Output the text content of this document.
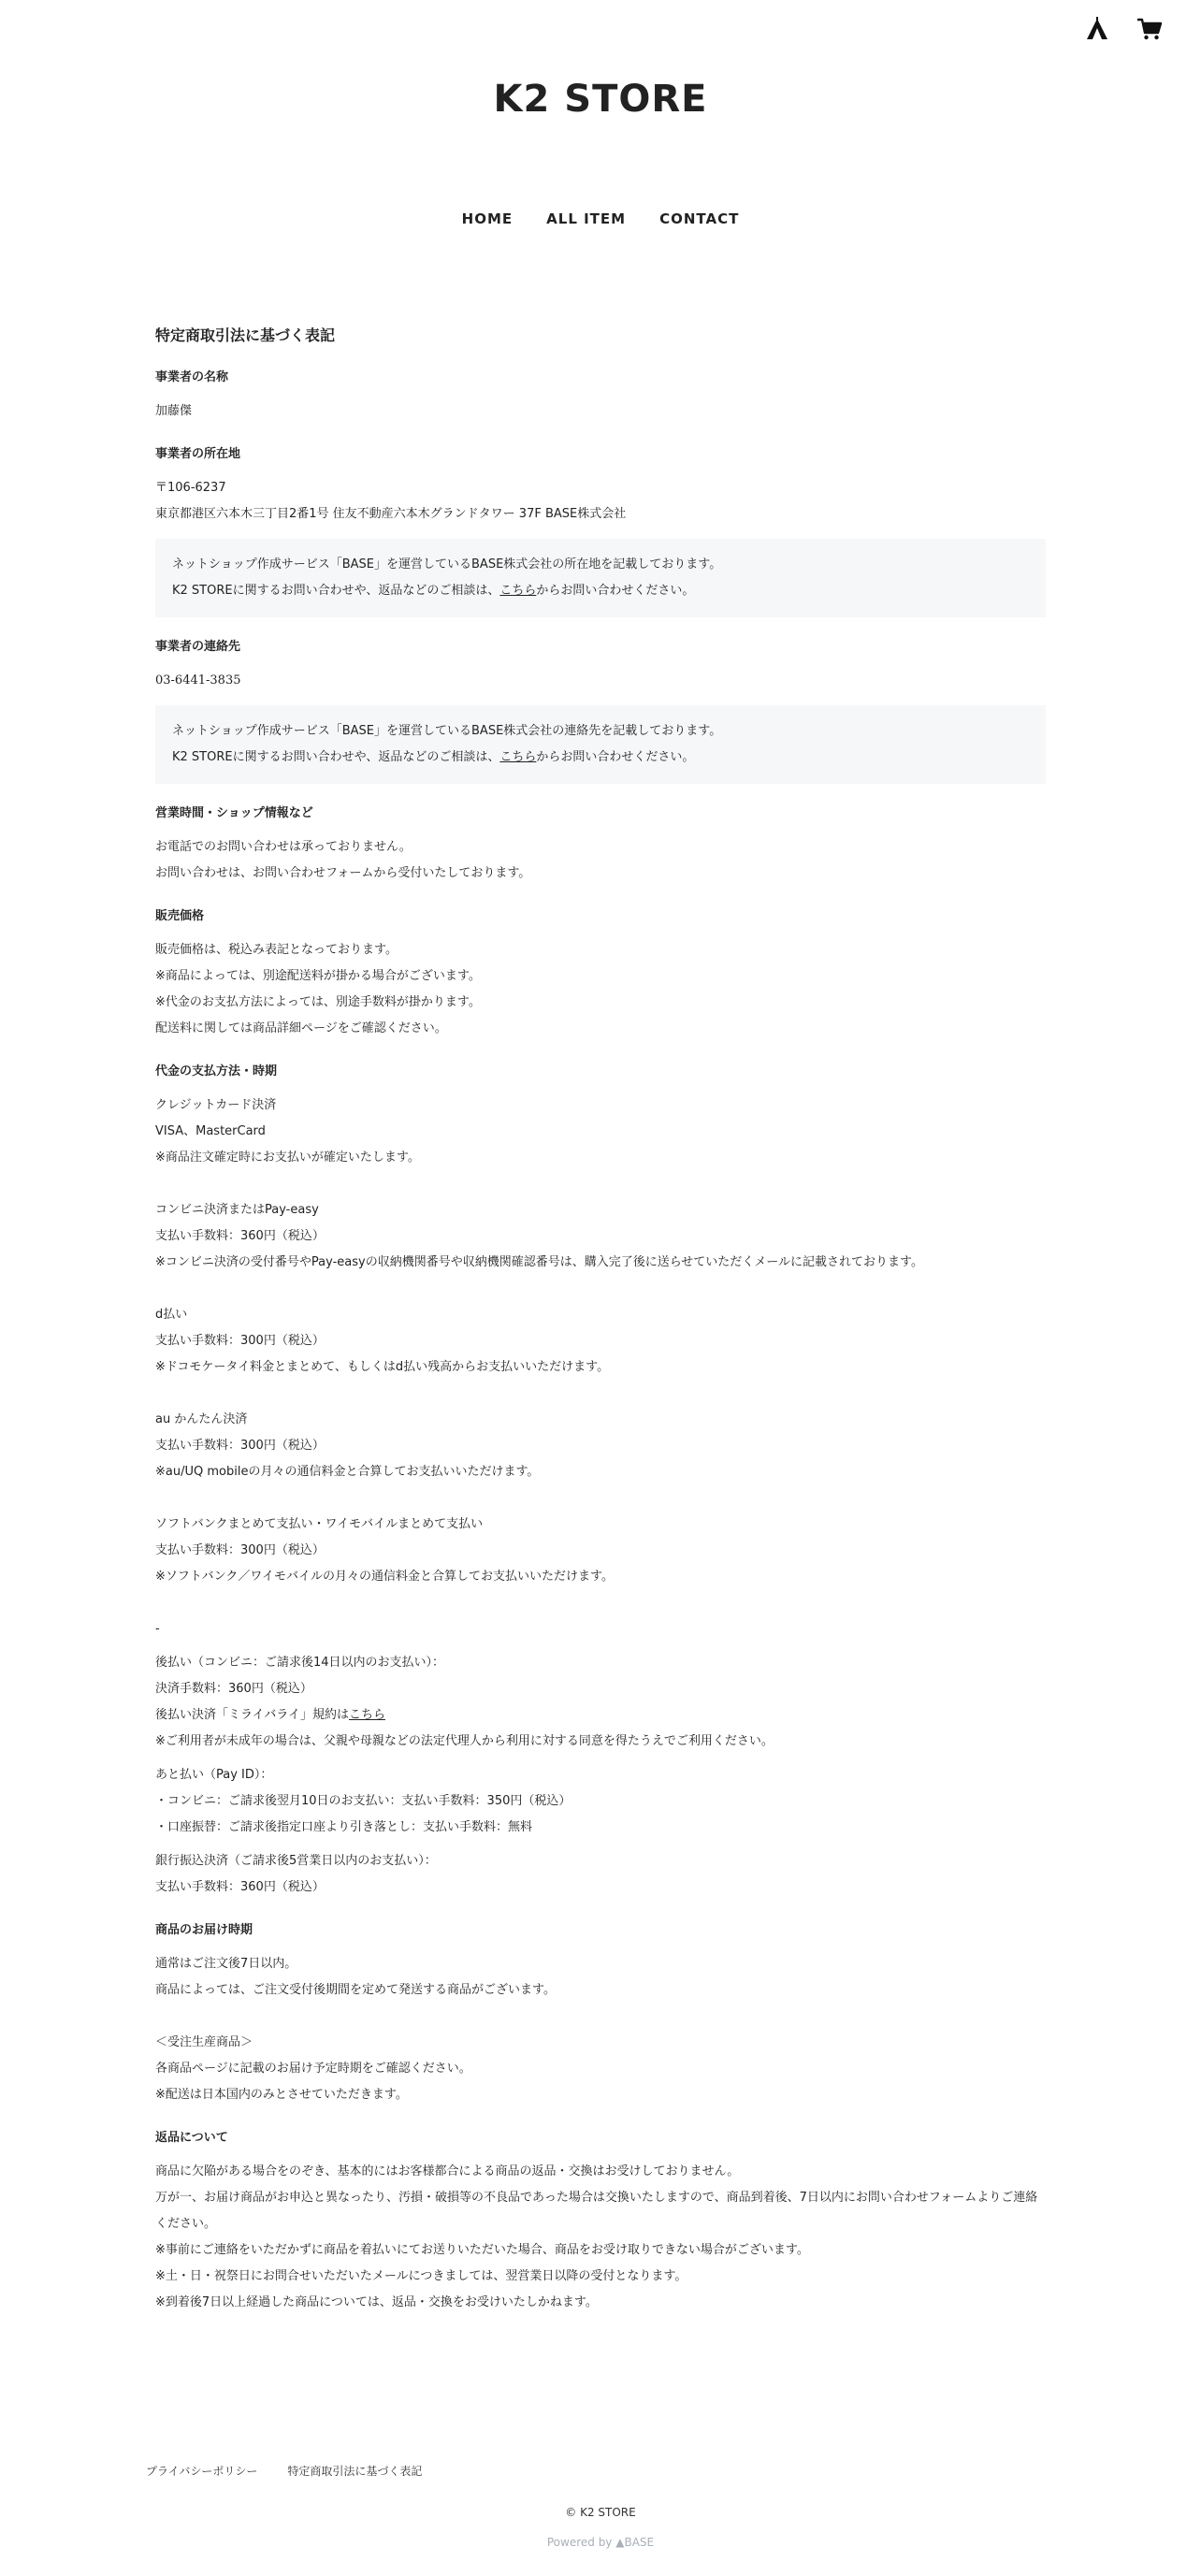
K2 STORE
HOME ALL ITEM CONTACT
特定商取引法に基づく表記
事業者の名称
加藤傑
事業者の所在地
〒106-6237
東京都港区六本木三丁目2番1号 住友不動産六本木グランドタワー 37F BASE株式会社
ネットショップ作成サービス「BASE」を運営しているBASE株式会社の所在地を記載しております。
K2 STOREに関するお問い合わせや、返品などのご相談は、こちらからお問い合わせください。
事業者の連絡先
03-6441-3835
ネットショップ作成サービス「BASE」を運営しているBASE株式会社の連絡先を記載しております。
K2 STOREに関するお問い合わせや、返品などのご相談は、こちらからお問い合わせください。
営業時間・ショップ情報など
お電話でのお問い合わせは承っておりません。
お問い合わせは、お問い合わせフォームから受付いたしております。
販売価格
販売価格は、税込み表記となっております。
※商品によっては、別途配送料が掛かる場合がございます。
※代金のお支払方法によっては、別途手数料が掛かります。
配送料に関しては商品詳細ページをご確認ください。
代金の支払方法・時期
クレジットカード決済
VISA、MasterCard
※商品注文確定時にお支払いが確定いたします。
コンビニ決済またはPay-easy
支払い手数料：360円（税込）
※コンビニ決済の受付番号やPay-easyの収納機関番号や収納機関確認番号は、購入完了後に送らせていただくメールに記載されております。
d払い
支払い手数料：300円（税込）
※ドコモケータイ料金とまとめて、もしくはd払い残高からお支払いいただけます。
au かんたん決済
支払い手数料：300円（税込）
※au/UQ mobileの月々の通信料金と合算してお支払いいただけます。
ソフトバンクまとめて支払い・ワイモバイルまとめて支払い
支払い手数料：300円（税込）
※ソフトバンク／ワイモバイルの月々の通信料金と合算してお支払いいただけます。
-
後払い（コンビニ：ご請求後14日以内のお支払い）：
決済手数料：360円（税込）
後払い決済「ミライバライ」規約はこちら
※ご利用者が未成年の場合は、父親や母親などの法定代理人から利用に対する同意を得たうえでご利用ください。
あと払い（Pay ID）：
・コンビニ：ご請求後翌月10日のお支払い：支払い手数料：350円（税込）
・口座振替：ご請求後指定口座より引き落とし：支払い手数料：無料
銀行振込決済（ご請求後5営業日以内のお支払い）：
支払い手数料：360円（税込）
商品のお届け時期
通常はご注文後7日以内。
商品によっては、ご注文受付後期間を定めて発送する商品がございます。
＜受注生産商品＞
各商品ページに記載のお届け予定時期をご確認ください。
※配送は日本国内のみとさせていただきます。
返品について
商品に欠陥がある場合をのぞき、基本的にはお客様都合による商品の返品・交換はお受けしておりません。
万が一、お届け商品がお申込と異なったり、汚損・破損等の不良品であった場合は交換いたしますので、商品到着後、7日以内にお問い合わせフォームよりご連絡ください。
※事前にご連絡をいただかずに商品を着払いにてお送りいただいた場合、商品をお受け取りできない場合がございます。
※土・日・祝祭日にお問合せいただいたメールにつきましては、翌営業日以降の受付となります。
※到着後7日以上経過した商品については、返品・交換をお受けいたしかねます。
プライバシーポリシー	特定商取引法に基づく表記
© K2 STORE
Powered by ▲BASE
